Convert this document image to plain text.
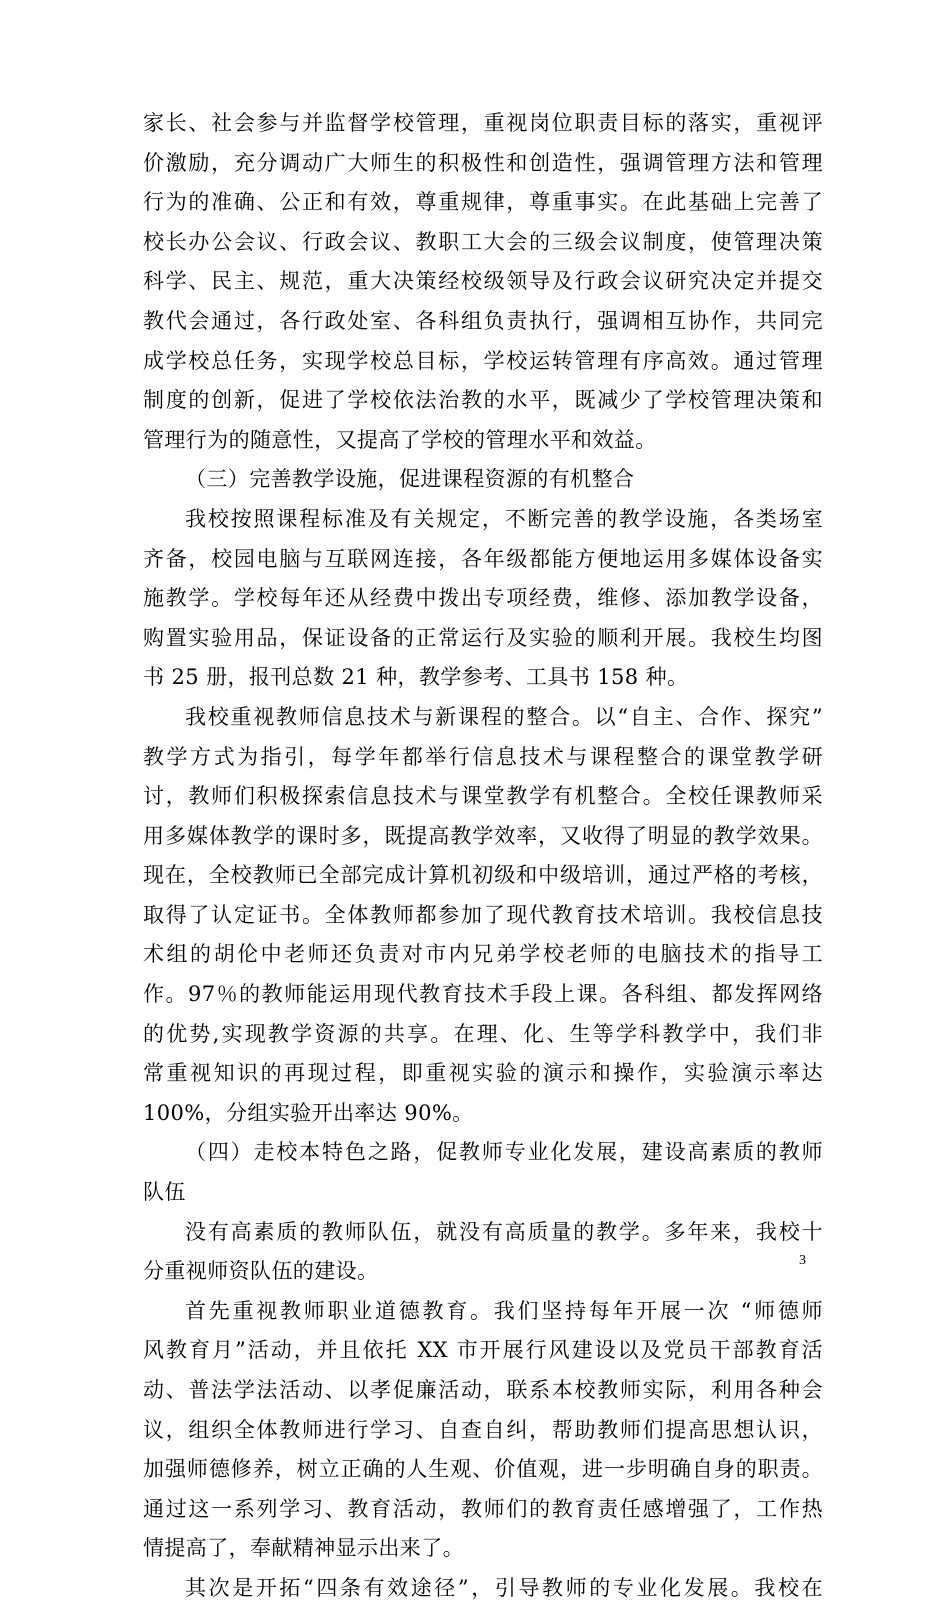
家长、社会参与并监督学校管理，重视岗位职责目标的落实，重视评
价激励，充分调动广大师生的积极性和创造性，强调管理方法和管理
行为的准确、公正和有效，尊重规律，尊重事实。在此基础上完善了
校长办公会议、行政会议、教职工大会的三级会议制度，使管理决策
科学、民主、规范，重大决策经校级领导及行政会议研究决定并提交
教代会通过，各行政处室、各科组负责执行，强调相互协作，共同完
成学校总任务，实现学校总目标，学校运转管理有序高效。通过管理
制度的创新，促进了学校依法治教的水平，既减少了学校管理决策和
管理行为的随意性，又提高了学校的管理水平和效益。
（三）完善教学设施，促进课程资源的有机整合
我校按照课程标准及有关规定，不断完善的教学设施，各类场室
齐备，校园电脑与互联网连接，各年级都能方便地运用多媒体设备实
施教学。学校每年还从经费中拨出专项经费，维修、添加教学设备，
购置实验用品，保证设备的正常运行及实验的顺利开展。我校生均图
书 25 册，报刊总数 21 种，教学参考、工具书 158 种。
我校重视教师信息技术与新课程的整合。以“自主、合作、探究”
教学方式为指引，每学年都举行信息技术与课程整合的课堂教学研
讨，教师们积极探索信息技术与课堂教学有机整合。全校任课教师采
用多媒体教学的课时多，既提高教学效率，又收得了明显的教学效果。
现在，全校教师已全部完成计算机初级和中级培训，通过严格的考核，
取得了认定证书。全体教师都参加了现代教育技术培训。我校信息技
术组的胡伦中老师还负责对市内兄弟学校老师的电脑技术的指导工
作。97％的教师能运用现代教育技术手段上课。各科组、都发挥网络
的优势,实现教学资源的共享。在理、化、生等学科教学中，我们非
常重视知识的再现过程，即重视实验的演示和操作，实验演示率达
100%，分组实验开出率达 90%。
（四）走校本特色之路，促教师专业化发展，建设高素质的教师
队伍
没有高素质的教师队伍，就没有高质量的教学。多年来，我校十
分重视师资队伍的建设。
首先重视教师职业道德教育。我们坚持每年开展一次 “师德师
风教育月”活动，并且依托 XX 市开展行风建设以及党员干部教育活
动、普法学法活动、以孝促廉活动，联系本校教师实际，利用各种会
议，组织全体教师进行学习、自查自纠，帮助教师们提高思想认识，
加强师德修养，树立正确的人生观、价值观，进一步明确自身的职责。
通过这一系列学习、教育活动，教师们的教育责任感增强了，工作热
情提高了，奉献精神显示出来了。
其次是开拓“四条有效途径”，引导教师的专业化发展。我校在
3
